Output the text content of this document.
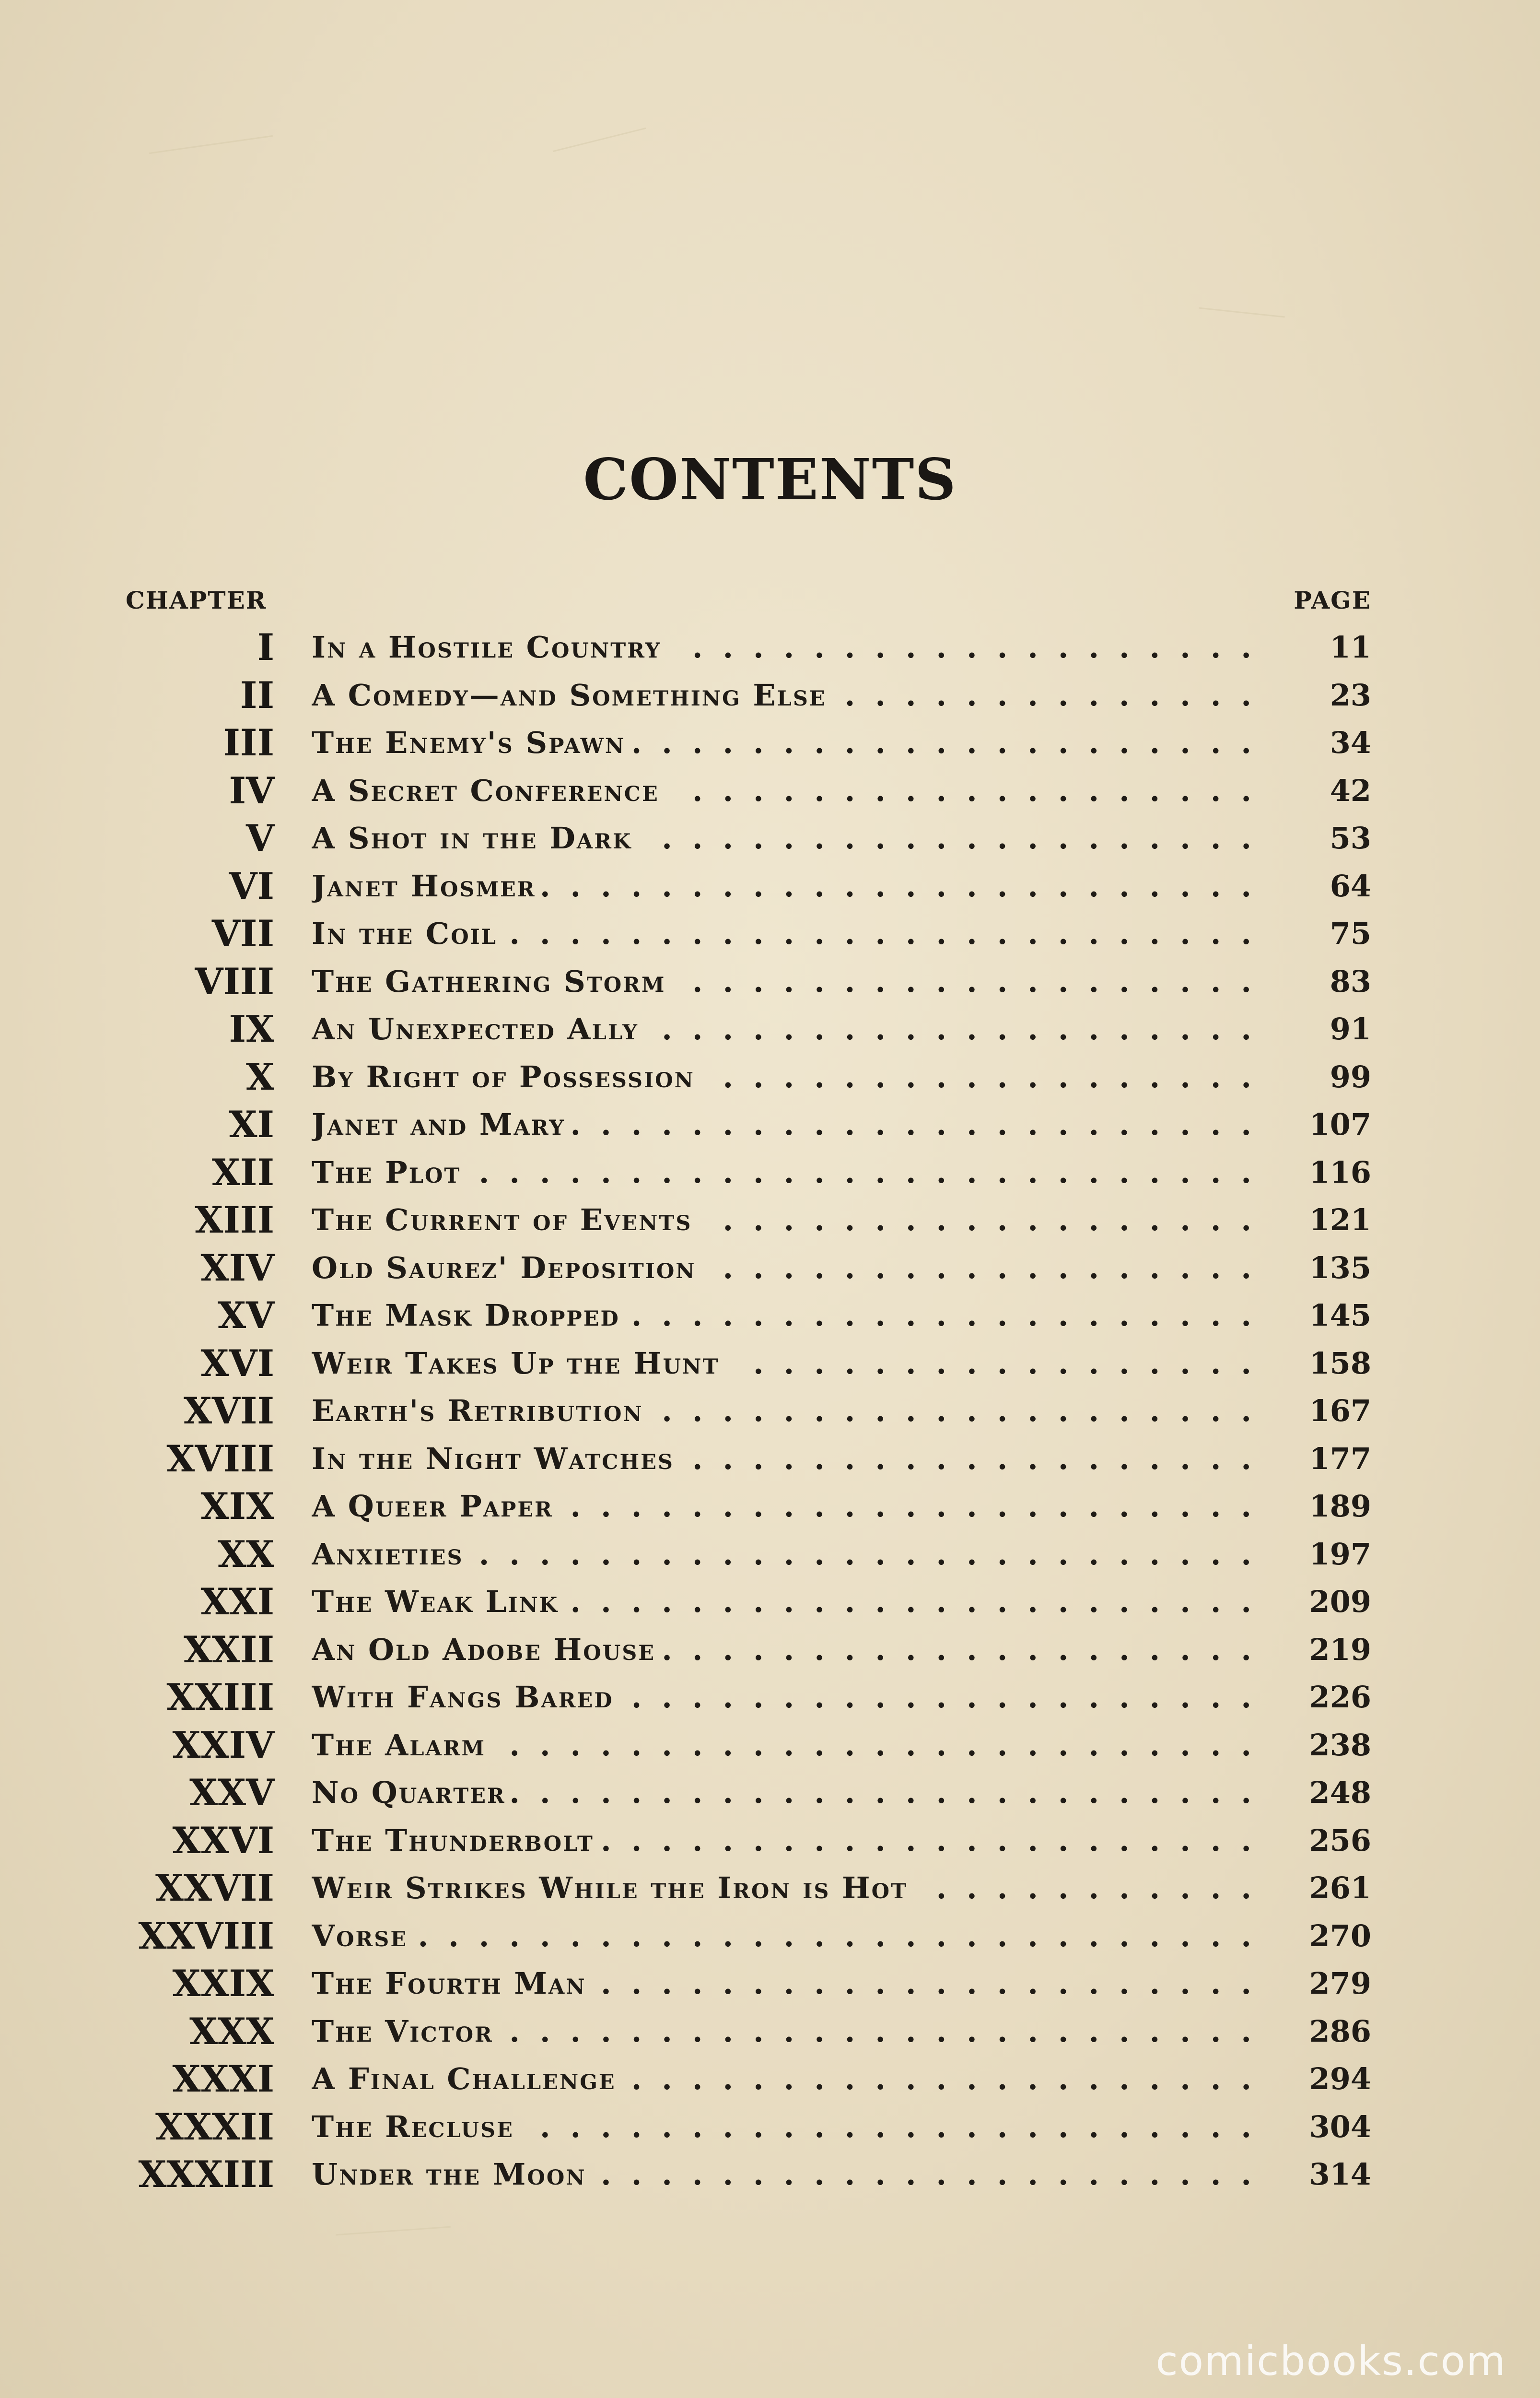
CONTENTS
CHAPTER	PAGE
I In a Hostile Country ................... 11
II A Comedy—and Something Else .............. 23
III The Enemy's Spawn ..................... 34
IV A Secret Conference ................... 42
V A Shot in the Dark .................... 53
VI Janet Hosmer ........................ 64
VII In the Coil ......................... 75
VIII The Gathering Storm ................... 83
IX An Unexpected Ally .................... 91
X By Right of Possession .................. 99
XI Janet and Mary ....................... 107
XII The Plot .......................... 116
XIII The Current of Events .................. 121
XIV Old Saurez' Deposition .................. 135
XV The Mask Dropped ..................... 145
XVI Weir Takes Up the Hunt ................. 158
XVII Earth's Retribution .................... 167
XVIII In the Night Watches ................... 177
XIX A Queer Paper ....................... 189
XX Anxieties .......................... 197
XXI The Weak Link ....................... 209
XXII An Old Adobe House .................... 219
XXIII With Fangs Bared ..................... 226
XXIV The Alarm ......................... 238
XXV No Quarter ......................... 248
XXVI The Thunderbolt ...................... 256
XXVII Weir Strikes While the Iron is Hot ........... 261
XXVIII Vorse ............................ 270
XXIX The Fourth Man ...................... 279
XXX The Victor ......................... 286
XXXI A Final Challenge ..................... 294
XXXII The Recluse ........................ 304
XXXIII Under the Moon ...................... 314
comicbooks.com
